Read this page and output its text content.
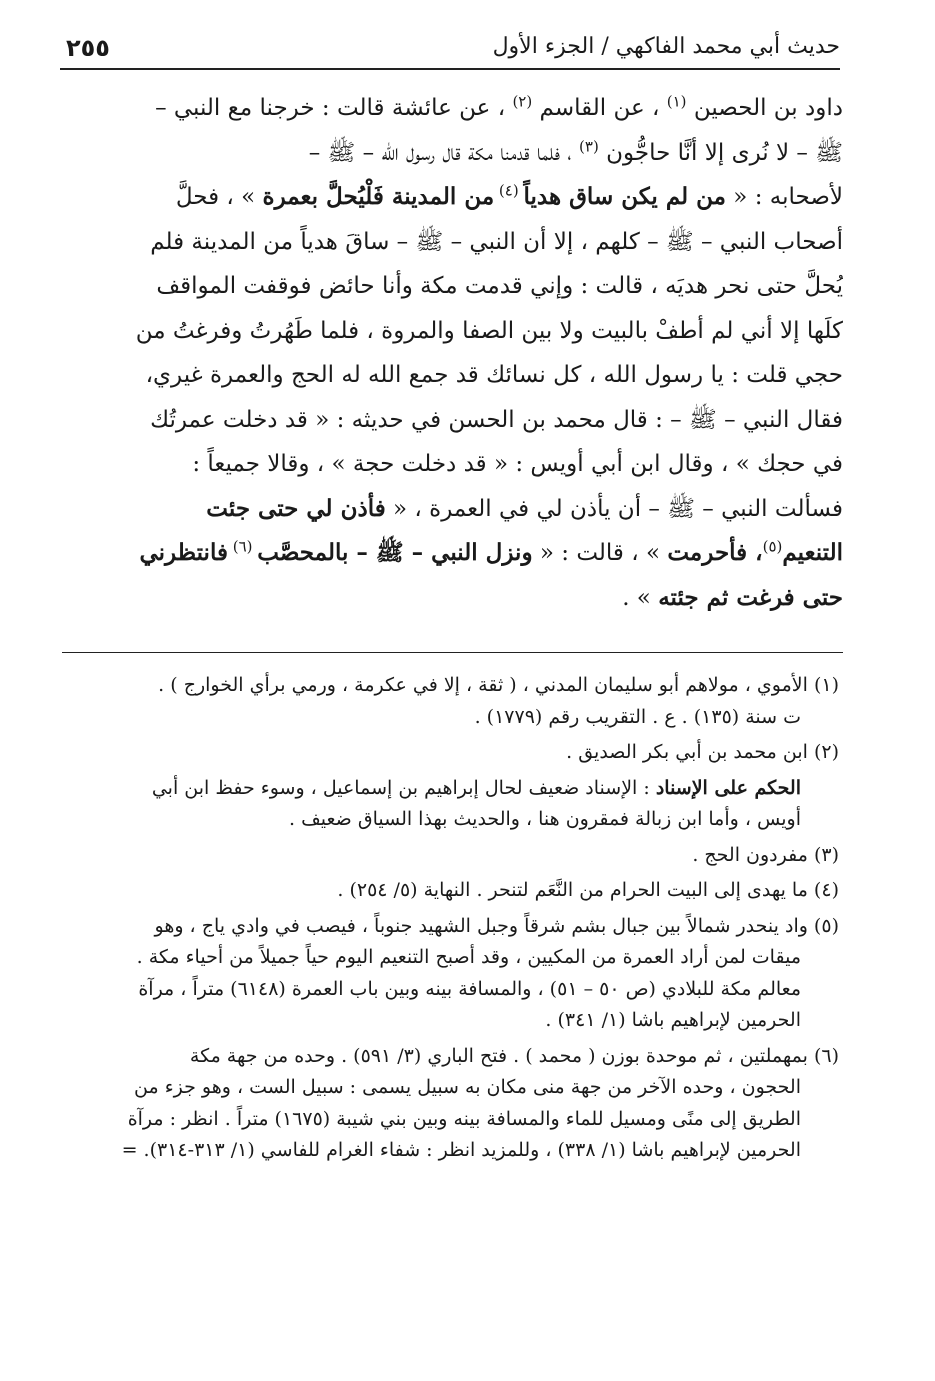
٢٥٥	حديث أبي محمد الفاكهي / الجزء الأول
داود بن الحصين $^{(١)}$ ، عن القاسم $^{(٢)}$ ، عن عائشة قالت : خرجنا مع النبي –
ﷺ – لا نُرى إلا أنَّا حاجُّون $^{(٣)}$ ، فلما قدمنا مكة قال رسول الله – ﷺ –
لأصحابه : « من لم يكن ساق هدياً $^{(٤)}$ من المدينة فَلْيُحلَّ بعمرة » ، فحلَّ
أصحاب النبي – ﷺ – كلهم ، إلا أن النبي – ﷺ – ساقَ هدياً من المدينة فلم
يُحلَّ حتى نحر هديَه ، قالت : وإني قدمت مكة وأنا حائض فوقفت المواقف
كلَها إلا أني لم أطفْ بالبيت ولا بين الصفا والمروة ، فلما طَهُرتُ وفرغتُ من
حجي قلت : يا رسول الله ، كل نسائك قد جمع الله له الحج والعمرة غيري،
فقال النبي – ﷺ – : قال محمد بن الحسن في حديثه : « قد دخلت عمرتُك
في حجك » ، وقال ابن أبي أويس : « قد دخلت حجة » ، وقالا جميعاً :
فسألت النبي – ﷺ – أن يأذن لي في العمرة ، « فأذن لي حتى جئت
التنعيم$^{(٥)}$، فأحرمت » ، قالت : « ونزل النبي – ﷺ – بالمحصَّب $^{(٦)}$ فانتظرني
حتى فرغت ثم جئته » .
(١) الأموي ، مولاهم أبو سليمان المدني ، ( ثقة ، إلا في عكرمة ، ورمي برأي الخوارج ) .
ت سنة (١٣٥) . ع . التقريب رقم (١٧٧٩) .
(٢) ابن محمد بن أبي بكر الصديق .
الحكم على الإسناد : الإسناد ضعيف لحال إبراهيم بن إسماعيل ، وسوء حفظ ابن أبي
أويس ، وأما ابن زبالة فمقرون هنا ، والحديث بهذا السياق ضعيف .
(٣) مفردون الحج .
(٤) ما يهدى إلى البيت الحرام من النَّعَم لتنحر . النهاية (٥/ ٢٥٤) .
(٥) واد ينحدر شمالاً بين جبال بشم شرقاً وجبل الشهيد جنوباً ، فيصب في وادي ياج ، وهو
ميقات لمن أراد العمرة من المكيين ، وقد أصبح التنعيم اليوم حياً جميلاً من أحياء مكة .
معالم مكة للبلادي (ص ٥٠ – ٥١) ، والمسافة بينه وبين باب العمرة (٦١٤٨) متراً ، مرآة
الحرمين لإبراهيم باشا (١/ ٣٤١) .
(٦) بمهملتين ، ثم موحدة بوزن ( محمد ) . فتح الباري (٣/ ٥٩١) . وحده من جهة مكة
الحجون ، وحده الآخر من جهة منى مكان به سبيل يسمى : سبيل الست ، وهو جزء من
الطريق إلى منًى ومسيل للماء والمسافة بينه وبين بني شيبة (١٦٧٥) متراً . انظر : مرآة
الحرمين لإبراهيم باشا (١/ ٣٣٨) ، وللمزيد انظر : شفاء الغرام للفاسي (١/ ٣١٣-٣١٤). =
